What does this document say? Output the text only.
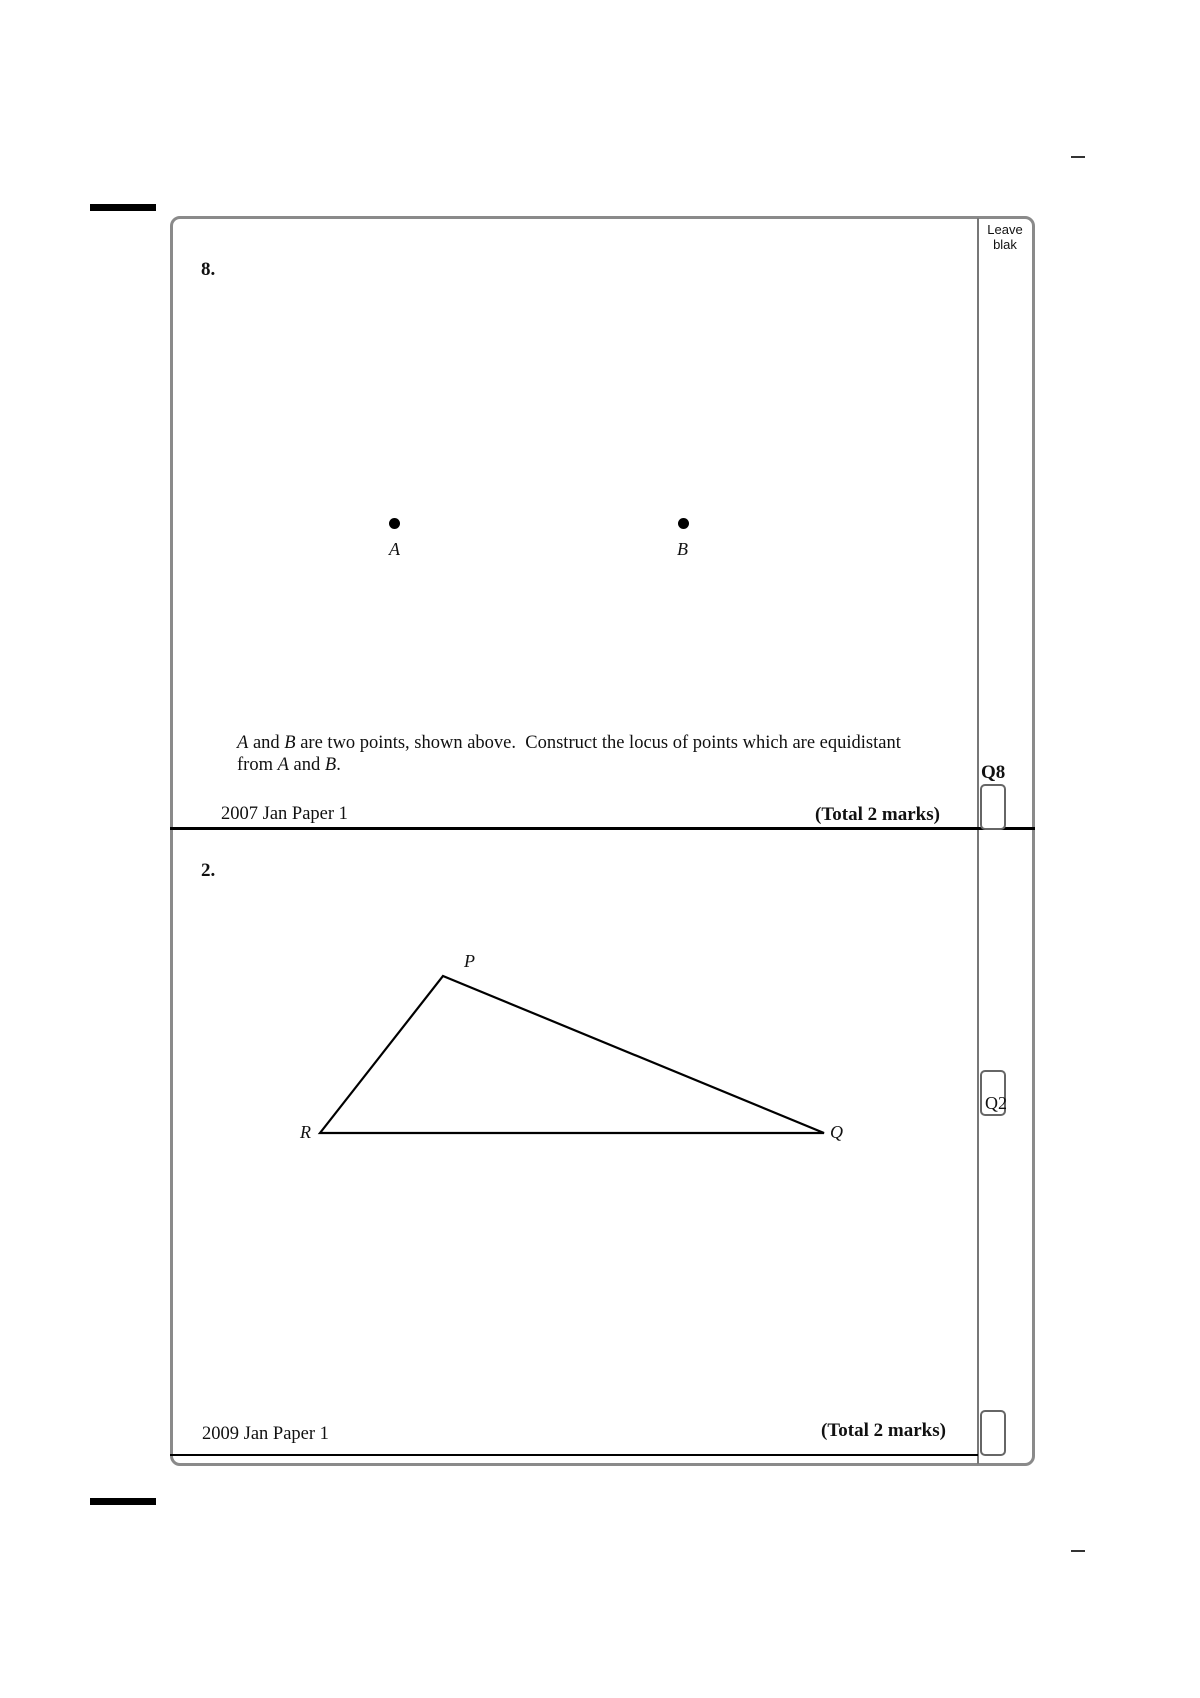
Leave
blak
8.
A	B
A and B are two points, shown above.  Construct the locus of points which are equidistant
from A and B.
2007 Jan Paper 1	(Total 2 marks)
Q8
2.
P
Q
R
Q2
2009 Jan Paper 1	(Total 2 marks)
